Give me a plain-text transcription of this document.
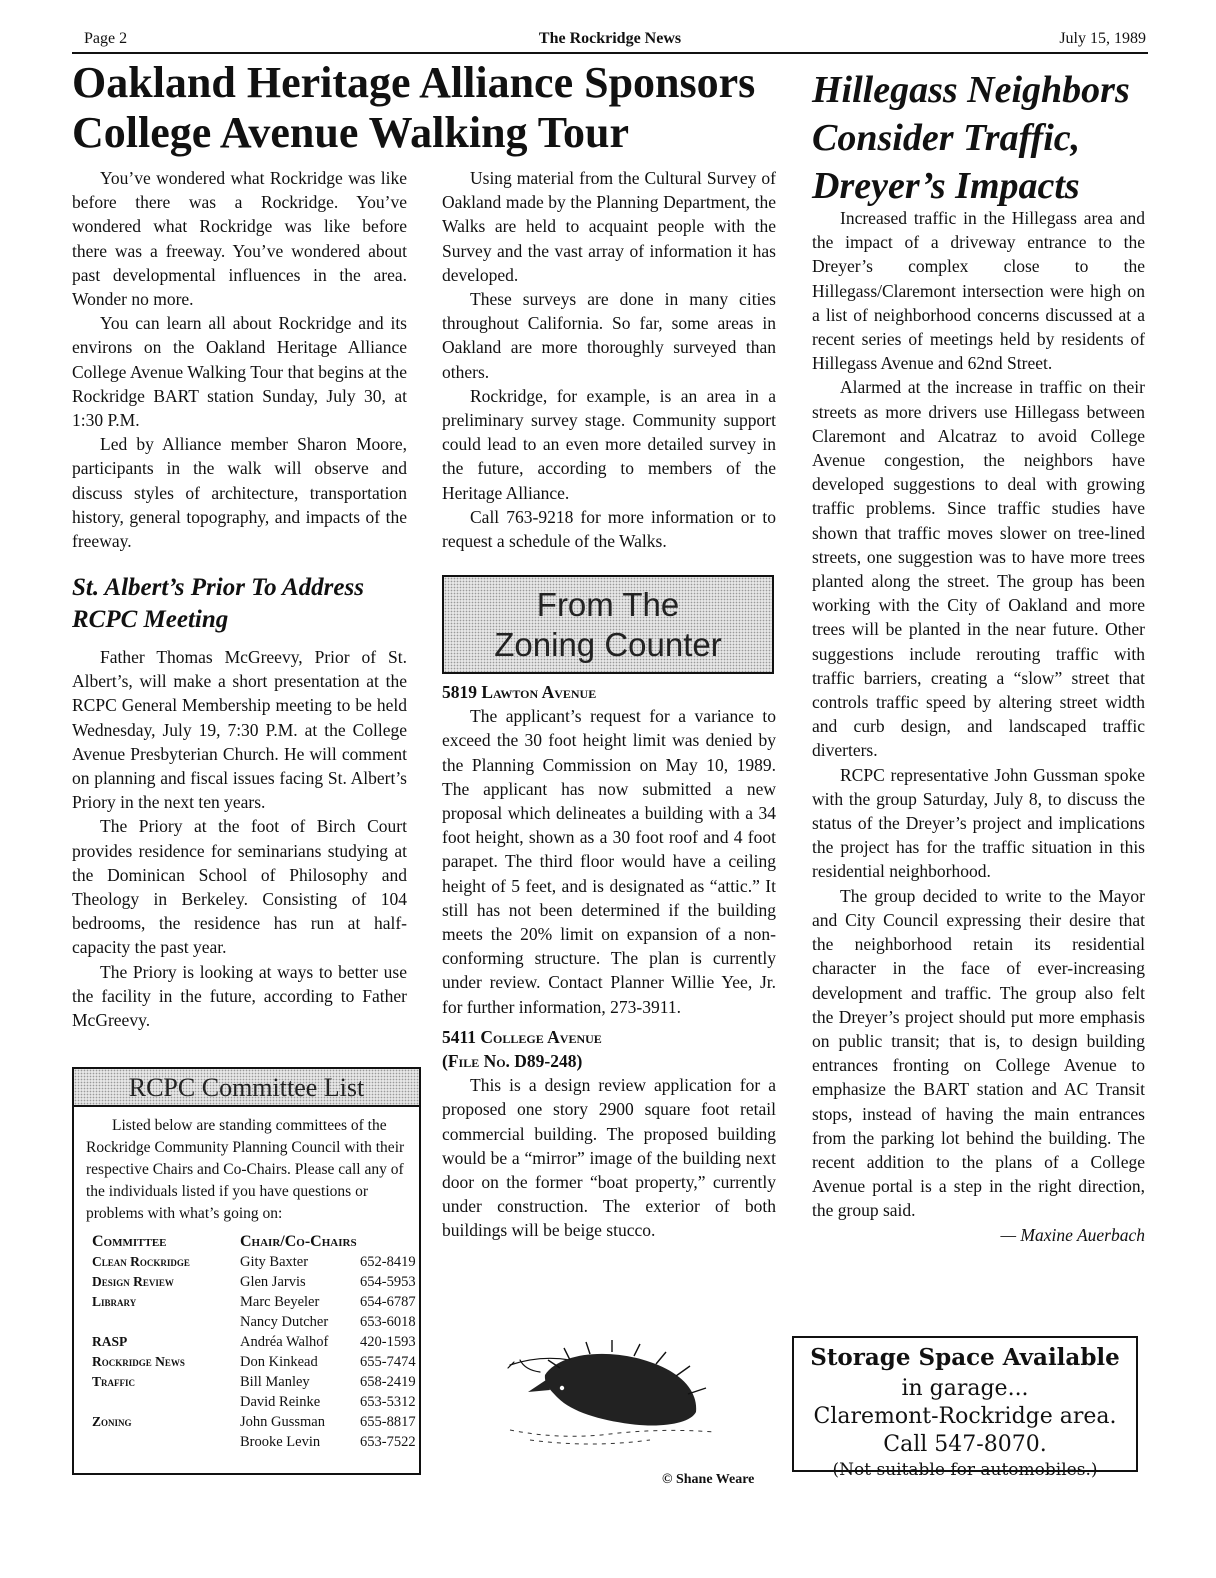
Page 2	The Rockridge News	July 15, 1989
Oakland Heritage Alliance Sponsors College Avenue Walking Tour
Hillegass Neighbors Consider Traffic, Dreyer’s Impacts

You’ve wondered what Rockridge was like before there was a Rockridge. You’ve wondered what Rockridge was like before there was a freeway. You’ve wondered about past developmental influences in the area. Wonder no more.

You can learn all about Rockridge and its environs on the Oakland Heritage Alliance College Avenue Walking Tour that begins at the Rockridge BART station Sunday, July 30, at 1:30 P.M.

Led by Alliance member Sharon Moore, participants in the walk will observe and discuss styles of architecture, transportation history, general topography, and impacts of the freeway.

St. Albert’s Prior To Address RCPC Meeting

Father Thomas McGreevy, Prior of St. Albert’s, will make a short presentation at the RCPC General Membership meeting to be held Wednesday, July 19, 7:30 P.M. at the College Avenue Presbyterian Church. He will comment on planning and fiscal issues facing St. Albert’s Priory in the next ten years.

The Priory at the foot of Birch Court provides residence for seminarians studying at the Dominican School of Philosophy and Theology in Berkeley. Consisting of 104 bedrooms, the residence has run at half-capacity the past year.

The Priory is looking at ways to better use the facility in the future, according to Father McGreevy.

RCPC Committee List
Listed below are standing committees of the Rockridge Community Planning Council with their respective Chairs and Co-Chairs. Please call any of the individuals listed if you have questions or problems with what’s going on:
Committee	Chair/Co-Chairs	
Clean Rockridge	Gity Baxter	652-8419
Design Review	Glen Jarvis	654-5953
Library	Marc Beyeler	654-6787
	Nancy Dutcher	653-6018
RASP	Andréa Walhof	420-1593
Rockridge News	Don Kinkead	655-7474
Traffic	Bill Manley	658-2419
	David Reinke	653-5312
Zoning	John Gussman	655-8817
	Brooke Levin	653-7522

Using material from the Cultural Survey of Oakland made by the Planning Department, the Walks are held to acquaint people with the Survey and the vast array of information it has developed.

These surveys are done in many cities throughout California. So far, some areas in Oakland are more thoroughly surveyed than others.

Rockridge, for example, is an area in a preliminary survey stage. Community support could lead to an even more detailed survey in the future, according to members of the Heritage Alliance.

Call 763-9218 for more information or to request a schedule of the Walks.

From The
Zoning Counter

5819 Lawton Avenue

The applicant’s request for a variance to exceed the 30 foot height limit was denied by the Planning Commission on May 10, 1989. The applicant has now submitted a new proposal which delineates a building with a 34 foot height, shown as a 30 foot roof and 4 foot parapet. The third floor would have a ceiling height of 5 feet, and is designated as “attic.” It still has not been determined if the building meets the 20% limit on expansion of a non-conforming structure. The plan is currently under review. Contact Planner Willie Yee, Jr. for further information, 273-3911.

5411 College Avenue

(File No. D89-248)

This is a design review application for a proposed one story 2900 square foot retail commercial building. The proposed building would be a “mirror” image of the building next door on the former “boat property,” currently under construction. The exterior of both buildings will be beige stucco.

© Shane Weare

Increased traffic in the Hillegass area and the impact of a driveway entrance to the Dreyer’s complex close to the Hillegass/Claremont intersection were high on a list of neighborhood concerns discussed at a recent series of meetings held by residents of Hillegass Avenue and 62nd Street.

Alarmed at the increase in traffic on their streets as more drivers use Hillegass between Claremont and Alcatraz to avoid College Avenue congestion, the neighbors have developed suggestions to deal with growing traffic problems. Since traffic studies have shown that traffic moves slower on tree-lined streets, one suggestion was to have more trees planted along the street. The group has been working with the City of Oakland and more trees will be planted in the near future. Other suggestions include rerouting traffic with traffic barriers, creating a “slow” street that controls traffic speed by altering street width and curb design, and landscaped traffic diverters.

RCPC representative John Gussman spoke with the group Saturday, July 8, to discuss the status of the Dreyer’s project and implications the project has for the traffic situation in this residential neighborhood.

The group decided to write to the Mayor and City Council expressing their desire that the neighborhood retain its residential character in the face of ever-increasing development and traffic. The group also felt the Dreyer’s project should put more emphasis on public transit; that is, to design building entrances fronting on College Avenue to emphasize the BART station and AC Transit stops, instead of having the main entrances from the parking lot behind the building. The recent addition to the plans of a College Avenue portal is a step in the right direction, the group said.

— Maxine Auerbach

Storage Space Available
in garage...
Claremont-Rockridge area.
Call 547-8070.
(Not suitable for automobiles.)
